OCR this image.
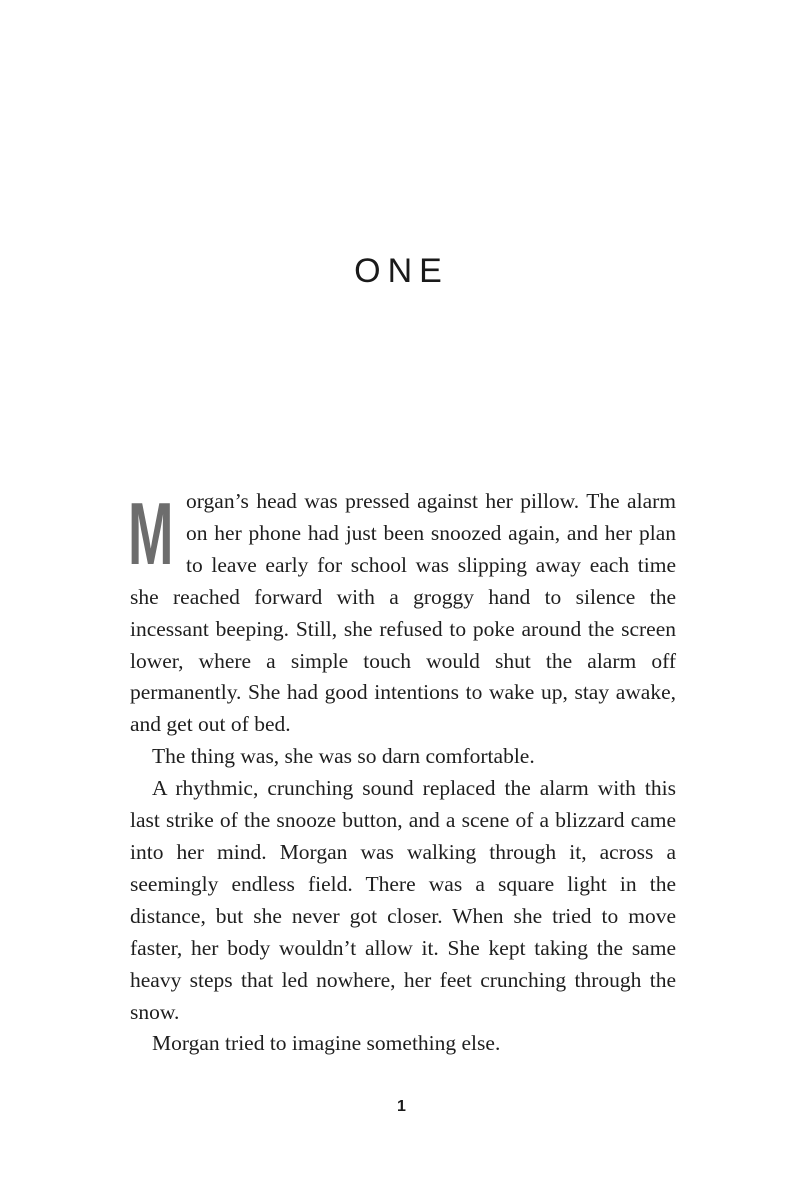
ONE

Morgan’s head was pressed against her pillow. The alarm on her phone had just been snoozed again, and her plan to leave early for school was slipping away each time she reached forward with a groggy hand to silence the incessant beeping. Still, she refused to poke around the screen lower, where a simple touch would shut the alarm off permanently. She had good intentions to wake up, stay awake, and get out of bed.

The thing was, she was so darn comfortable.

A rhythmic, crunching sound replaced the alarm with this last strike of the snooze button, and a scene of a blizzard came into her mind. Morgan was walking through it, across a seemingly endless field. There was a square light in the distance, but she never got closer. When she tried to move faster, her body wouldn’t allow it. She kept taking the same heavy steps that led nowhere, her feet crunching through the snow.

Morgan tried to imagine something else.

1
